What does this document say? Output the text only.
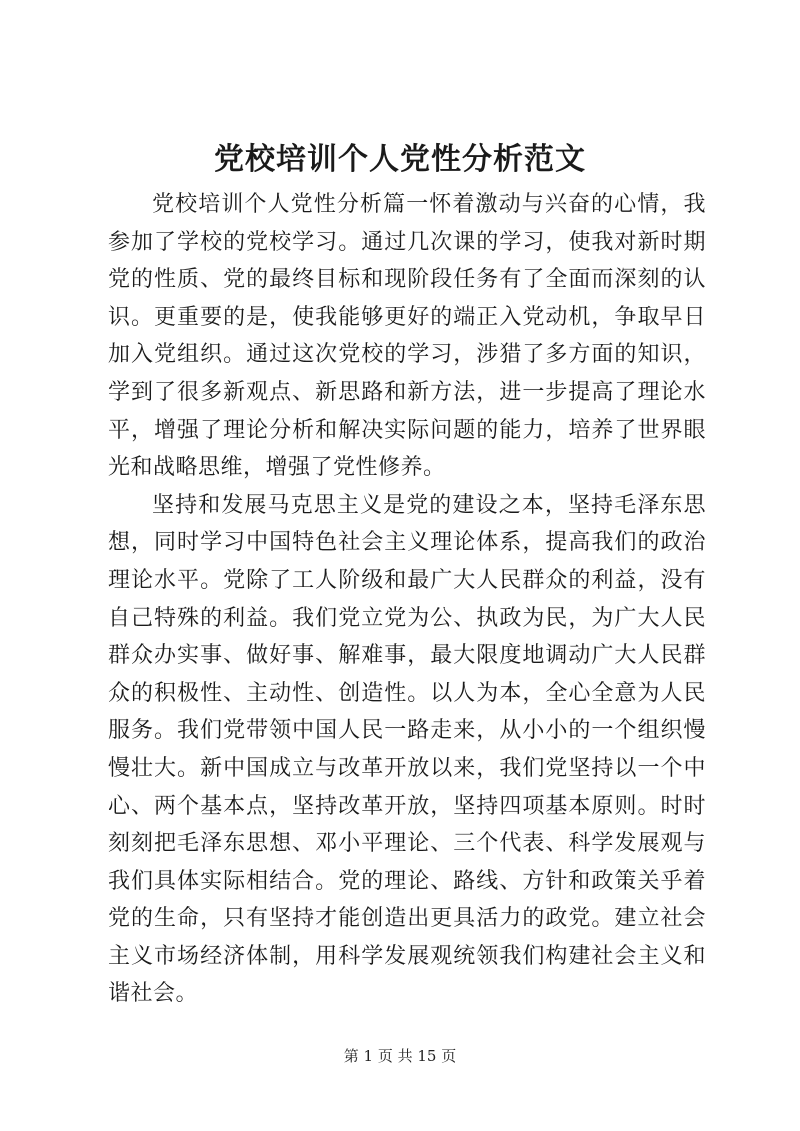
党校培训个人党性分析范文

党校培训个人党性分析篇一怀着激动与兴奋的心情，我参加了学校的党校学习。通过几次课的学习，使我对新时期党的性质、党的最终目标和现阶段任务有了全面而深刻的认识。更重要的是，使我能够更好的端正入党动机，争取早日加入党组织。通过这次党校的学习，涉猎了多方面的知识，学到了很多新观点、新思路和新方法，进一步提高了理论水平，增强了理论分析和解决实际问题的能力，培养了世界眼光和战略思维，增强了党性修养。

坚持和发展马克思主义是党的建设之本，坚持毛泽东思想，同时学习中国特色社会主义理论体系，提高我们的政治理论水平。党除了工人阶级和最广大人民群众的利益，没有自己特殊的利益。我们党立党为公、执政为民，为广大人民群众办实事、做好事、解难事，最大限度地调动广大人民群众的积极性、主动性、创造性。以人为本，全心全意为人民服务。我们党带领中国人民一路走来，从小小的一个组织慢慢壮大。新中国成立与改革开放以来，我们党坚持以一个中心、两个基本点，坚持改革开放，坚持四项基本原则。时时刻刻把毛泽东思想、邓小平理论、三个代表、科学发展观与我们具体实际相结合。党的理论、路线、方针和政策关乎着党的生命，只有坚持才能创造出更具活力的政党。建立社会主义市场经济体制，用科学发展观统领我们构建社会主义和谐社会。

第 1 页 共 15 页
